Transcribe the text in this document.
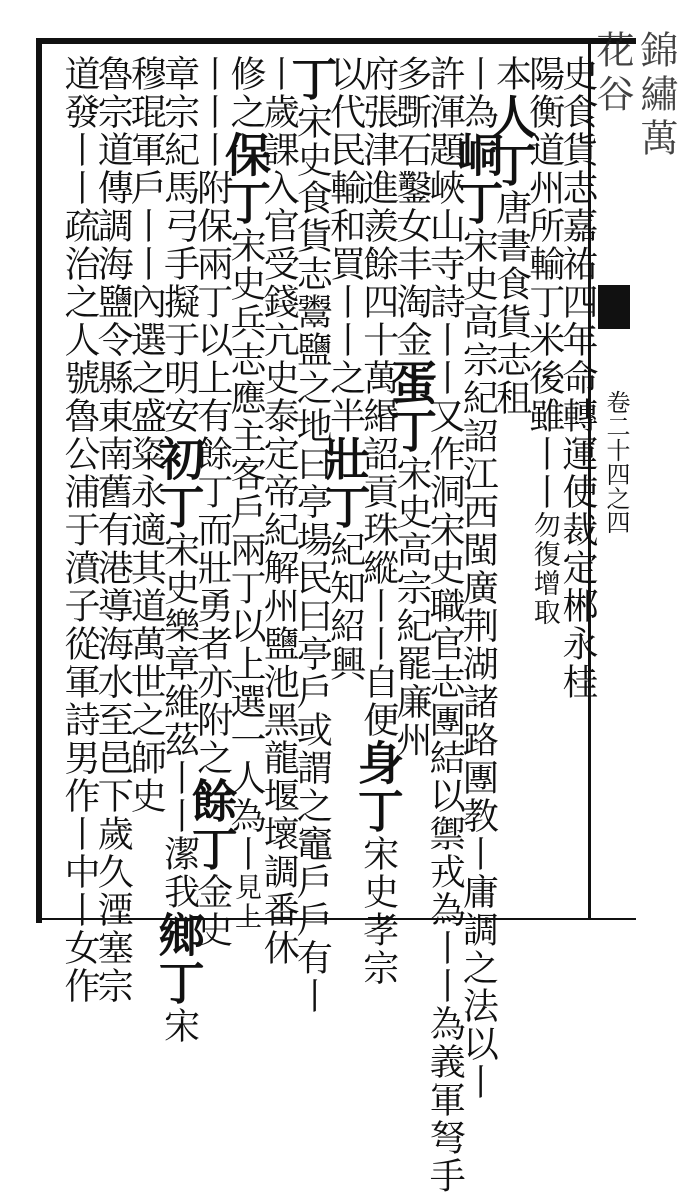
錦繡萬花谷
卷二十四之四
史食貨志嘉祐四年命轉運使裁定郴永桂
陽衡道州所輸丁米後雖丨丨勿復增取
本人丁唐書食貨志租
丨為峒丁宋史高宗紀詔江西閩廣荆湖諸路團教丨庸調之法以丨
許渾題峽山寺詩丨丨又作洞宋史職官志團結以禦戎為丨丨為義軍弩手
多斲石鑿女丰淘金蛋丁宋史高宗紀罷廉州
府張津進羨餘四十萬緡詔貢珠縱丨丨自便身丁宋史孝宗
以代民輸和買丨丨之半壯丁紀知紹興
丁宋史食貨志鬻鹽之地曰亭場民曰亭戶或謂之竈戶戶有丨
丨歲課入官受錢亢史泰定帝紀解州鹽池黑龍堰壞調番休
修之保丁宋史兵志應主客戶兩丁以上選一人為丨見上
丨丨丨附保兩丁以上有餘丁而壯勇者亦附之餘丁金史
章宗紀馬弓手擬于明安初丁宋史樂章維茲丨丨潔我鄉丁宋
穆琨軍戶丨丨內選之盛粢永適其道萬世之師史
魯宗道傳調海鹽令縣東南舊有港導海水至邑下歲久湮塞宗
道發丨丨疏治之人號魯公浦于濆子從軍詩男作丨中丨女作
